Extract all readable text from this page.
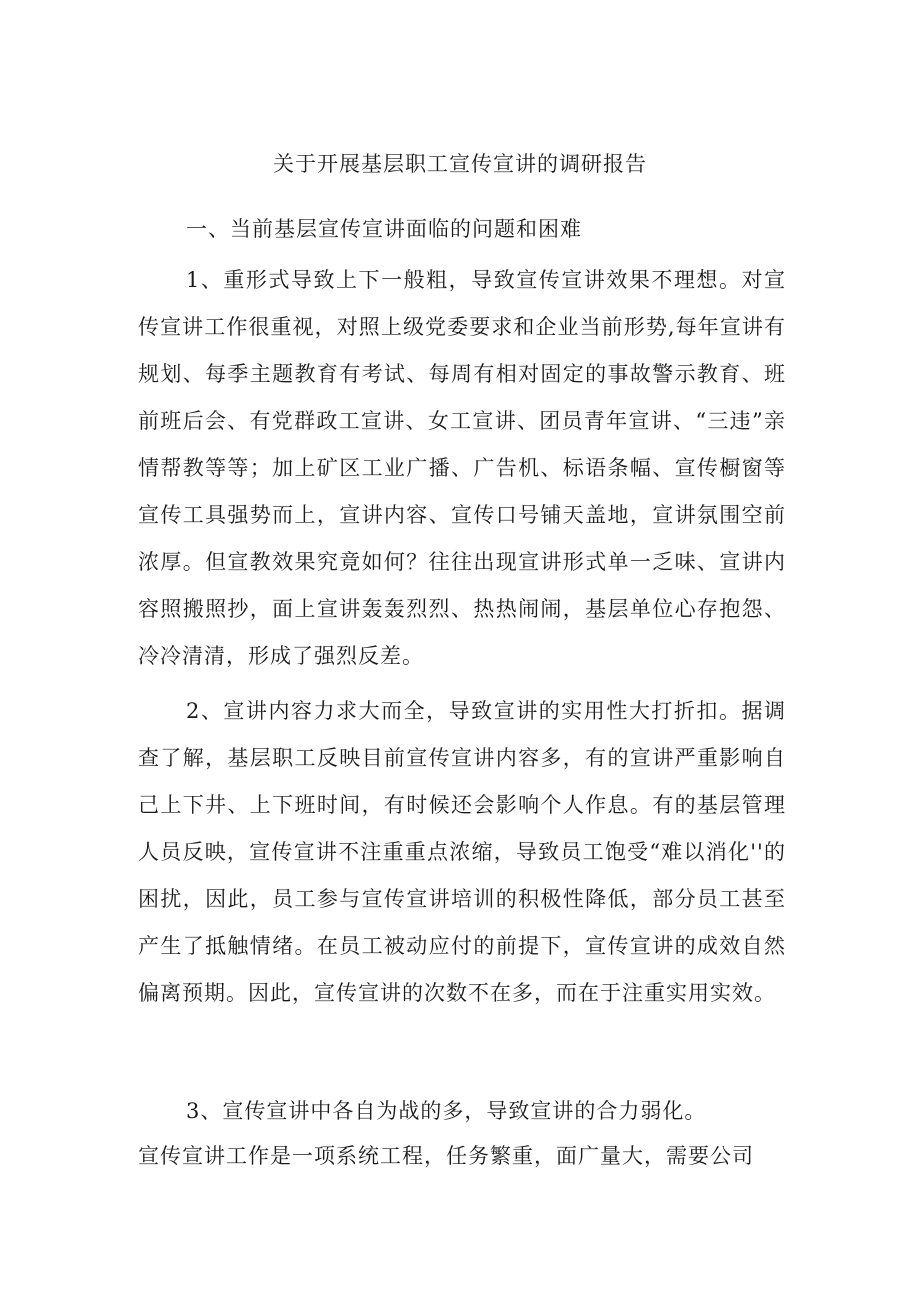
关于开展基层职工宣传宣讲的调研报告
一、当前基层宣传宣讲面临的问题和困难

1、重形式导致上下一般粗，导致宣传宣讲效果不理想。对宣传宣讲工作很重视，对照上级党委要求和企业当前形势,每年宣讲有规划、每季主题教育有考试、每周有相对固定的事故警示教育、班前班后会、有党群政工宣讲、女工宣讲、团员青年宣讲、“三违”亲情帮教等等；加上矿区工业广播、广告机、标语条幅、宣传橱窗等宣传工具强势而上，宣讲内容、宣传口号铺天盖地，宣讲氛围空前浓厚。但宣教效果究竟如何？往往出现宣讲形式单一乏味、宣讲内容照搬照抄，面上宣讲轰轰烈烈、热热闹闹，基层单位心存抱怨、冷冷清清，形成了强烈反差。

2、宣讲内容力求大而全，导致宣讲的实用性大打折扣。据调查了解，基层职工反映目前宣传宣讲内容多，有的宣讲严重影响自己上下井、上下班时间，有时候还会影响个人作息。有的基层管理人员反映，宣传宣讲不注重重点浓缩，导致员工饱受“难以消化''的困扰，因此，员工参与宣传宣讲培训的积极性降低，部分员工甚至产生了抵触情绪。在员工被动应付的前提下，宣传宣讲的成效自然偏离预期。因此，宣传宣讲的次数不在多，而在于注重实用实效。

3、宣传宣讲中各自为战的多，导致宣讲的合力弱化。

宣传宣讲工作是一项系统工程，任务繁重，面广量大，需要公司
